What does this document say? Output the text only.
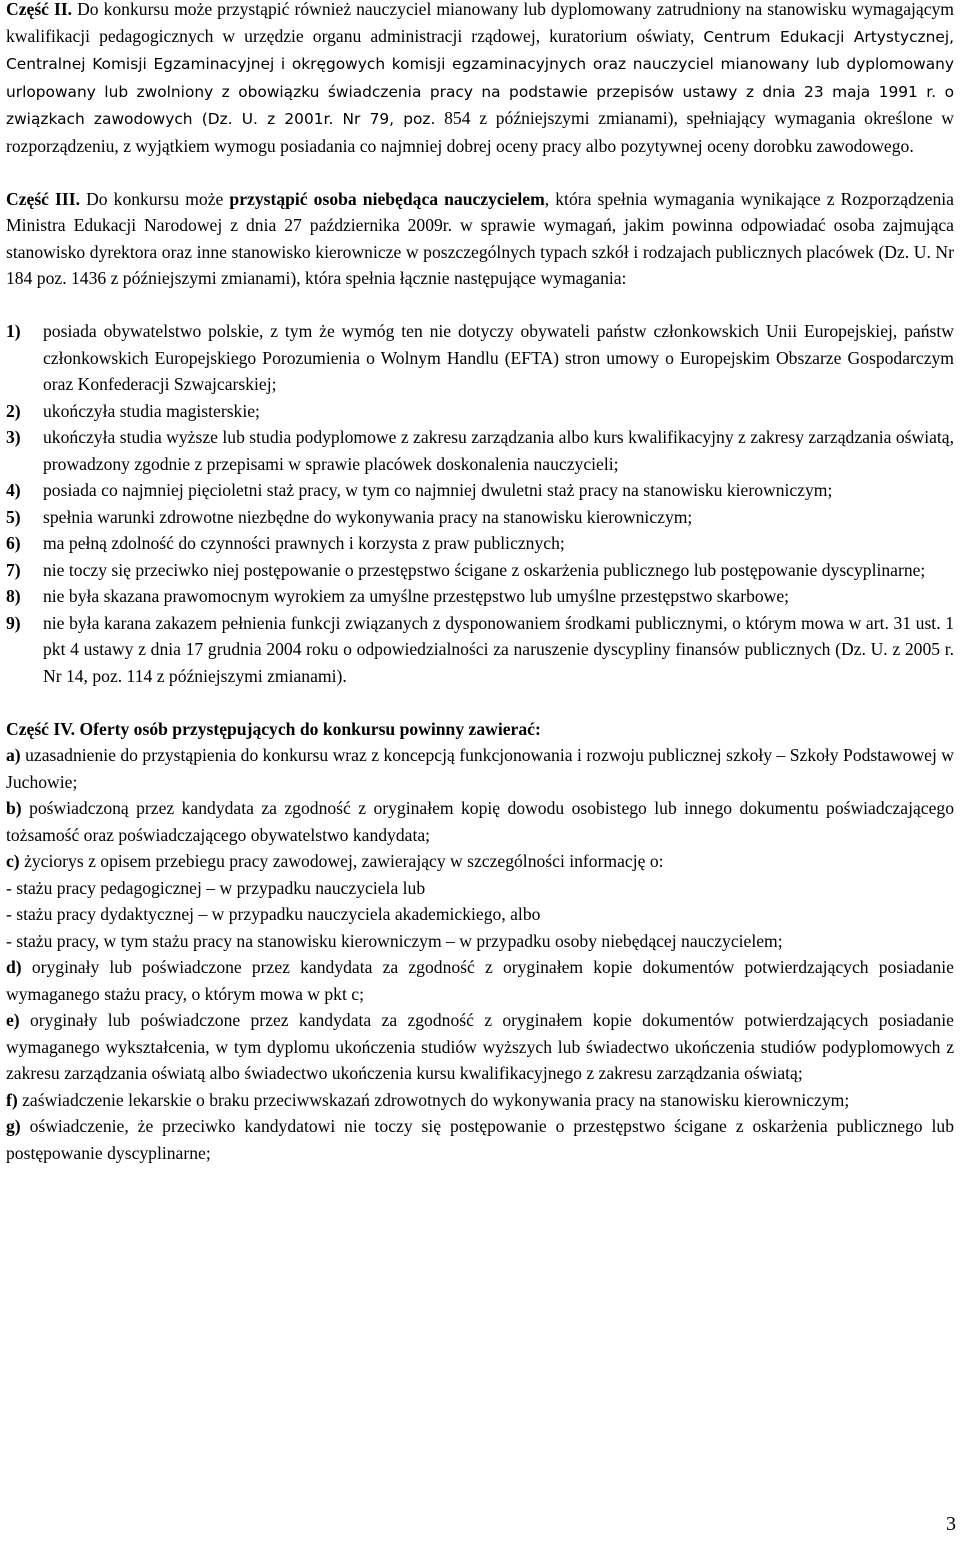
Część II. Do konkursu może przystąpić również nauczyciel mianowany lub dyplomowany zatrudniony na stanowisku wymagającym kwalifikacji pedagogicznych w urzędzie organu administracji rządowej, kuratorium oświaty, Centrum Edukacji Artystycznej, Centralnej Komisji Egzaminacyjnej i okręgowych komisji egzaminacyjnych oraz nauczyciel mianowany lub dyplomowany urlopowany lub zwolniony z obowiązku świadczenia pracy na podstawie przepisów ustawy z dnia 23 maja 1991 r. o związkach zawodowych (Dz. U. z 2001r. Nr 79, poz. 854 z późniejszymi zmianami), spełniający wymagania określone w rozporządzeniu, z wyjątkiem wymogu posiadania co najmniej dobrej oceny pracy albo pozytywnej oceny dorobku zawodowego.

Część III. Do konkursu może przystąpić osoba niebędąca nauczycielem, która spełnia wymagania wynikające z Rozporządzenia Ministra Edukacji Narodowej z dnia 27 października 2009r. w sprawie wymagań, jakim powinna odpowiadać osoba zajmująca stanowisko dyrektora oraz inne stanowisko kierownicze w poszczególnych typach szkół i rodzajach publicznych placówek (Dz. U. Nr 184 poz. 1436 z późniejszymi zmianami), która spełnia łącznie następujące wymagania:

1)	posiada obywatelstwo polskie, z tym że wymóg ten nie dotyczy obywateli państw członkowskich Unii Europejskiej, państw członkowskich Europejskiego Porozumienia o Wolnym Handlu (EFTA) stron umowy o Europejskim Obszarze Gospodarczym oraz Konfederacji Szwajcarskiej;
2)	ukończyła studia magisterskie;
3)	ukończyła studia wyższe lub studia podyplomowe z zakresu zarządzania albo kurs kwalifikacyjny z zakresy zarządzania oświatą, prowadzony zgodnie z przepisami w sprawie placówek doskonalenia nauczycieli;
4)	posiada co najmniej pięcioletni staż pracy, w tym co najmniej dwuletni staż pracy na stanowisku kierowniczym;
5)	spełnia warunki zdrowotne niezbędne do wykonywania pracy na stanowisku kierowniczym;
6)	ma pełną zdolność do czynności prawnych i korzysta z praw publicznych;
7)	nie toczy się przeciwko niej postępowanie o przestępstwo ścigane z oskarżenia publicznego lub postępowanie dyscyplinarne;
8)	nie była skazana prawomocnym wyrokiem za umyślne przestępstwo lub umyślne przestępstwo skarbowe;
9)	nie była karana zakazem pełnienia funkcji związanych z dysponowaniem środkami publicznymi, o którym mowa w art. 31 ust. 1 pkt 4 ustawy z dnia 17 grudnia 2004 roku o odpowiedzialności za naruszenie dyscypliny finansów publicznych (Dz. U. z 2005 r. Nr 14, poz. 114 z późniejszymi zmianami).

Część IV. Oferty osób przystępujących do konkursu powinny zawierać:

a) uzasadnienie do przystąpienia do konkursu wraz z koncepcją funkcjonowania i rozwoju publicznej szkoły – Szkoły Podstawowej w Juchowie;

b) poświadczoną przez kandydata za zgodność z oryginałem kopię dowodu osobistego lub innego dokumentu poświadczającego tożsamość oraz poświadczającego obywatelstwo kandydata;

c) życiorys z opisem przebiegu pracy zawodowej, zawierający w szczególności informację o:

- stażu pracy pedagogicznej – w przypadku nauczyciela lub

- stażu pracy dydaktycznej – w przypadku nauczyciela akademickiego, albo

- stażu pracy, w tym stażu pracy na stanowisku kierowniczym – w przypadku osoby niebędącej nauczycielem;

d) oryginały lub poświadczone przez kandydata za zgodność z oryginałem kopie dokumentów potwierdzających posiadanie wymaganego stażu pracy, o którym mowa w pkt c;

e) oryginały lub poświadczone przez kandydata za zgodność z oryginałem kopie dokumentów potwierdzających posiadanie wymaganego wykształcenia, w tym dyplomu ukończenia studiów wyższych lub świadectwo ukończenia studiów podyplomowych z zakresu zarządzania oświatą albo świadectwo ukończenia kursu kwalifikacyjnego z zakresu zarządzania oświatą;

f) zaświadczenie lekarskie o braku przeciwwskazań zdrowotnych do wykonywania pracy na stanowisku kierowniczym;

g) oświadczenie, że przeciwko kandydatowi nie toczy się postępowanie o przestępstwo ścigane z oskarżenia publicznego lub postępowanie dyscyplinarne;

3
